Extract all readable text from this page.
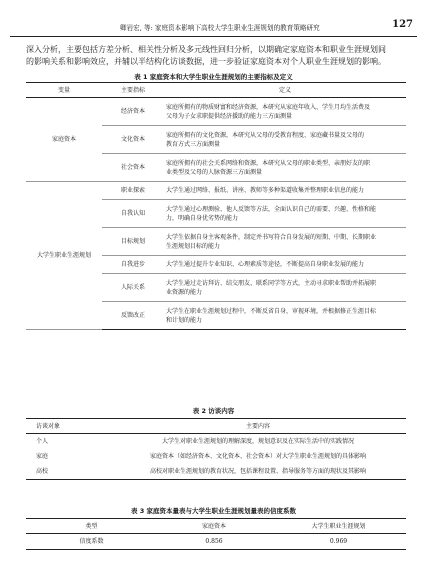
卿岩宏, 等: 家庭资本影响下高校大学生职业生涯规划的教育策略研究	127

深入分析，主要包括方差分析、相关性分析及多元线性回归分析，以期确定家庭资本和职业生涯规划间

的影响关系和影响效应，并辅以半结构化访谈数据，进一步验证家庭资本对个人职业生涯规划的影响。

表 1 家庭资本和大学生职业生涯规划的主要指标及定义
变量	主要指标	定义
家庭资本	经济资本	家庭所拥有的物质财富和经济资源，本研究从家庭年收入、学生月均生活费及
父母为子女求职提供经济援助的能力三方面测量

	文化资本	家庭所拥有的文化资源，本研究从父母的受教育程度、家庭藏书量及父母的
教育方式三方面测量

	社会资本	家庭所拥有的社会关系网络和资源，本研究从父母的职业类型、亲朋好友的职
业类型及父母的人脉资源三方面测量

大学生职业生涯规划	职业探索	大学生通过网络、报纸、讲座、教师等多种渠道收集并整理职业信息的能力

	自我认知	大学生通过心理测验、他人反馈等方法，全面认识自己的需要、兴趣、性格和能
力，明确自身优劣势的能力

	目标规划	大学生依据自身主客观条件，制定并书写符合自身发展的短期、中期、长期职业
生涯规划目标的能力

	自我进步	大学生通过提升专业知识、心理素质等途径，不断提高自身职业发展的能力

	人际关系	大学生通过走访拜访、结交朋友、联系同学等方式，主动寻求职业帮助并拓展职
业资源的能力

	反馈改正	大学生在职业生涯规划过程中，不断反省自身，审视环境，并根据修正生涯目标
和计划的能力
表 2 访谈内容
访谈对象	主要内容
个人	大学生对职业生涯规划的理解深度，规划意识及在实际生活中的实践情况
家庭	家庭资本（如经济资本、文化资本、社会资本）对大学生职业生涯规划的具体影响
高校	高校对职业生涯规划的教育状况，包括课程设置、指导服务等方面的现状及其影响
表 3 家庭资本量表与大学生职业生涯规划量表的信度系数
类型	家庭资本	大学生职业生涯规划
信度系数	0.856	0.969
